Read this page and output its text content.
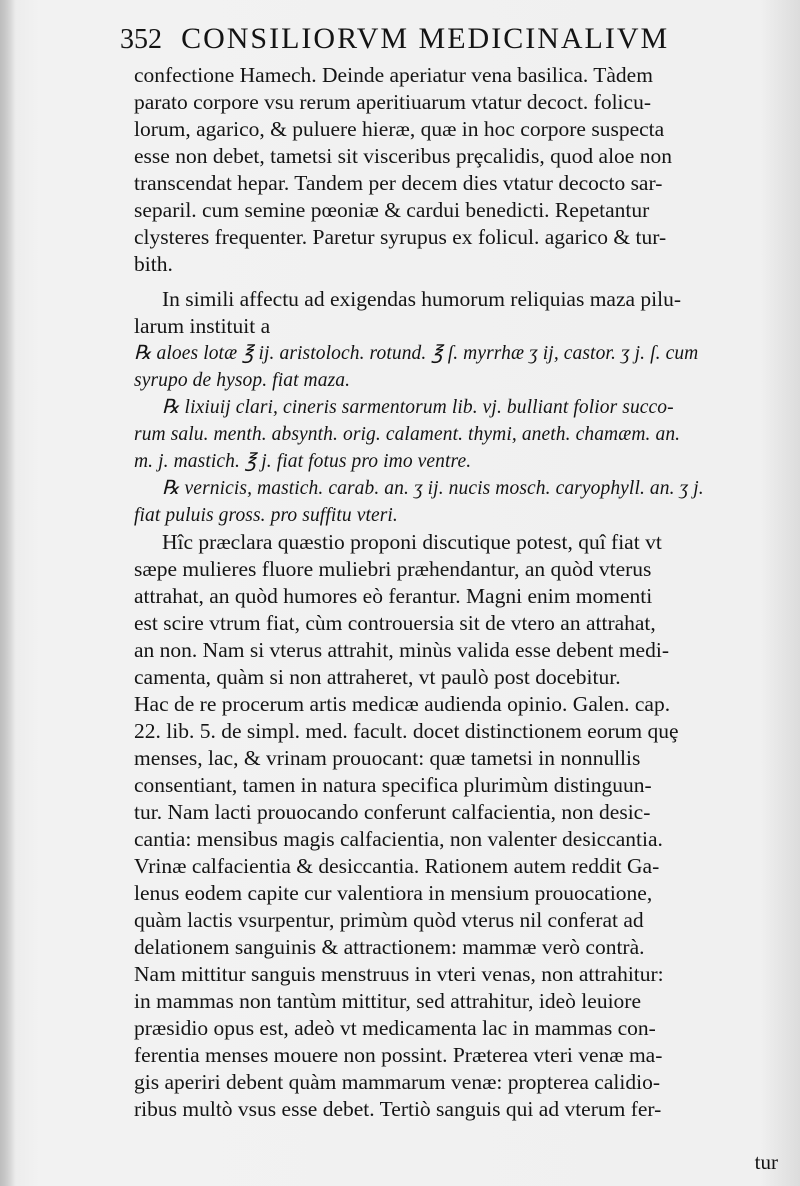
352 CONSILIORVM MEDICINALIVM
confectione Hamech. Deinde aperiatur vena basilica. Tàdem
parato corpore vsu rerum aperitiuarum vtatur decoct. folicu-
lorum, agarico, & puluere hieræ, quæ in hoc corpore suspecta
esse non debet, tametsi sit visceribus prȩcalidis, quod aloe non
transcendat hepar. Tandem per decem dies vtatur decocto sar-
separil. cum semine pœoniæ & cardui benedicti. Repetantur
clysteres frequenter. Paretur syrupus ex folicul. agarico & tur-
bith.
In simili affectu ad exigendas humorum reliquias maza pilu-
larum instituit a
℞ aloes lotæ ℥ ij. aristoloch. rotund. ℥ ſ. myrrhæ ʒ ij, castor. ʒ j. ſ. cum
syrupo de hysop. fiat maza.
℞ lixiuij clari, cineris sarmentorum lib. vj. bulliant folior succo-
rum salu. menth. absynth. orig. calament. thymi, aneth. chamæm. an.
m. j. mastich. ℥ j. fiat fotus pro imo ventre.
℞ vernicis, mastich. carab. an. ʒ ij. nucis mosch. caryophyll. an. ʒ j.
fiat puluis gross. pro suffitu vteri.
Hîc præclara quæstio proponi discutique potest, quî fiat vt
sæpe mulieres fluore muliebri præhendantur, an quòd vterus
attrahat, an quòd humores eò ferantur. Magni enim momenti
est scire vtrum fiat, cùm controuersia sit de vtero an attrahat,
an non. Nam si vterus attrahit, minùs valida esse debent medi-
camenta, quàm si non attraheret, vt paulò post docebitur.
Hac de re procerum artis medicæ audienda opinio. Galen. cap.
22. lib. 5. de simpl. med. facult. docet distinctionem eorum quȩ
menses, lac, & vrinam prouocant: quæ tametsi in nonnullis
consentiant, tamen in natura specifica plurimùm distinguun-
tur. Nam lacti prouocando conferunt calfacientia, non desic-
cantia: mensibus magis calfacientia, non valenter desiccantia.
Vrinæ calfacientia & desiccantia. Rationem autem reddit Ga-
lenus eodem capite cur valentiora in mensium prouocatione,
quàm lactis vsurpentur, primùm quòd vterus nil conferat ad
delationem sanguinis & attractionem: mammæ verò contrà.
Nam mittitur sanguis menstruus in vteri venas, non attrahitur:
in mammas non tantùm mittitur, sed attrahitur, ideò leuiore
præsidio opus est, adeò vt medicamenta lac in mammas con-
ferentia menses mouere non possint. Præterea vteri venæ ma-
gis aperiri debent quàm mammarum venæ: propterea calidio-
ribus multò vsus esse debet. Tertiò sanguis qui ad vterum fer-
tur
